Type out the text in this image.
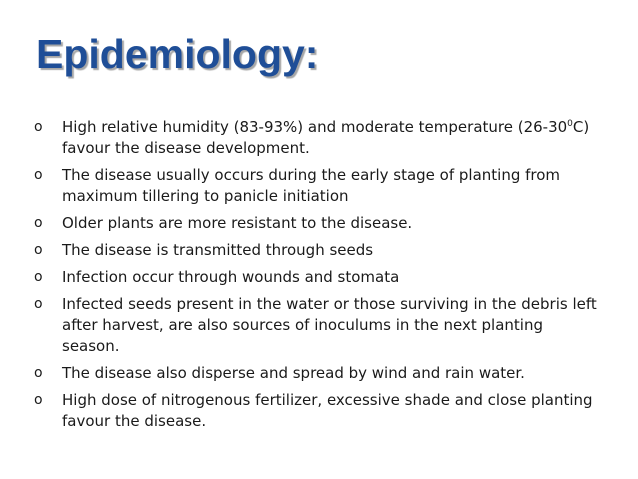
Epidemiology:
o High relative humidity (83-93%) and moderate temperature $(26-30^0C)$ favour the disease development.
o The disease usually occurs during the early stage of planting from maximum tillering to panicle initiation
o Older plants are more resistant to the disease.
o The disease is transmitted through seeds
o Infection occur through wounds and stomata
o Infected seeds present in the water or those surviving in the debris left after harvest, are also sources of inoculums in the next planting season.
o The disease also disperse and spread by wind and rain water.
o High dose of nitrogenous fertilizer, excessive shade and close planting favour the disease.
